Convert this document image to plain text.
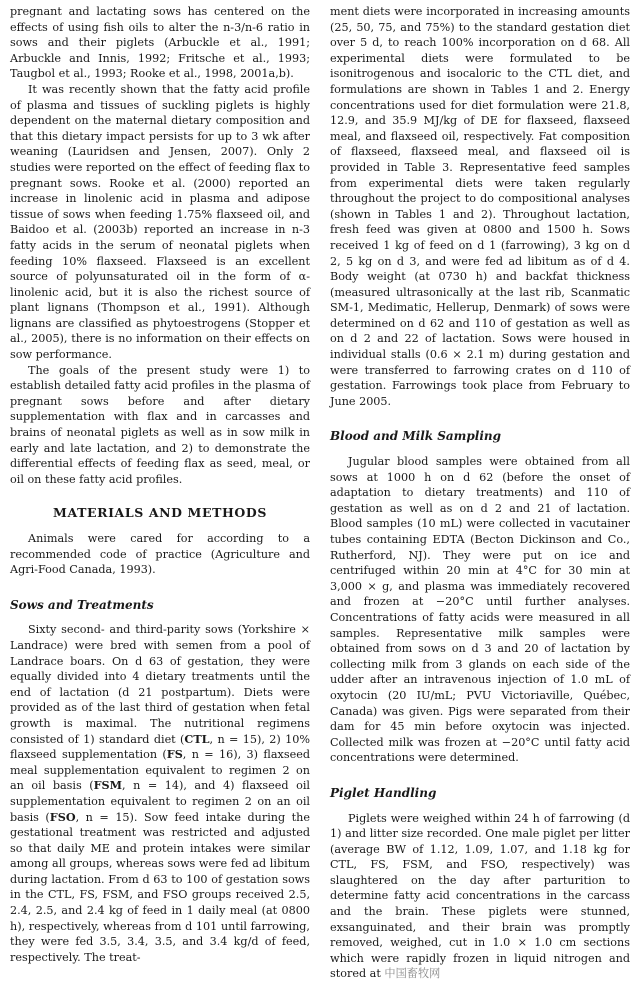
pregnant and lactating sows has centered on the effects of using fish oils to alter the n-3/n-6 ratio in sows and their piglets (Arbuckle et al., 1991; Arbuckle and Innis, 1992; Fritsche et al., 1993; Taugbol et al., 1993; Rooke et al., 1998, 2001a,b).

It was recently shown that the fatty acid profile of plasma and tissues of suckling piglets is highly dependent on the maternal dietary composition and that this dietary impact persists for up to 3 wk after weaning (Lauridsen and Jensen, 2007). Only 2 studies were reported on the effect of feeding flax to pregnant sows. Rooke et al. (2000) reported an increase in linolenic acid in plasma and adipose tissue of sows when feeding 1.75% flaxseed oil, and Baidoo et al. (2003b) reported an increase in n-3 fatty acids in the serum of neonatal piglets when feeding 10% flaxseed. Flaxseed is an excellent source of polyunsaturated oil in the form of α-linolenic acid, but it is also the richest source of plant lignans (Thompson et al., 1991). Although lignans are classified as phytoestrogens (Stopper et al., 2005), there is no information on their effects on sow performance.

The goals of the present study were 1) to establish detailed fatty acid profiles in the plasma of pregnant sows before and after dietary supplementation with flax and in carcasses and brains of neonatal piglets as well as in sow milk in early and late lactation, and 2) to demonstrate the differential effects of feeding flax as seed, meal, or oil on these fatty acid profiles.

MATERIALS AND METHODS

Animals were cared for according to a recommended code of practice (Agriculture and Agri-Food Canada, 1993).

Sows and Treatments

Sixty second- and third-parity sows (Yorkshire × Landrace) were bred with semen from a pool of Landrace boars. On d 63 of gestation, they were equally divided into 4 dietary treatments until the end of lactation (d 21 postpartum). Diets were provided as of the last third of gestation when fetal growth is maximal. The nutritional regimens consisted of 1) standard diet (CTL, n = 15), 2) 10% flaxseed supplementation (FS, n = 16), 3) flaxseed meal supplementation equivalent to regimen 2 on an oil basis (FSM, n = 14), and 4) flaxseed oil supplementation equivalent to regimen 2 on an oil basis (FSO, n = 15). Sow feed intake during the gestational treatment was restricted and adjusted so that daily ME and protein intakes were similar among all groups, whereas sows were fed ad libitum during lactation. From d 63 to 100 of gestation sows in the CTL, FS, FSM, and FSO groups received 2.5, 2.4, 2.5, and 2.4 kg of feed in 1 daily meal (at 0800 h), respectively, whereas from d 101 until farrowing, they were fed 3.5, 3.4, 3.5, and 3.4 kg/d of feed, respectively. The treat-

ment diets were incorporated in increasing amounts (25, 50, 75, and 75%) to the standard gestation diet over 5 d, to reach 100% incorporation on d 68. All experimental diets were formulated to be isonitrogenous and isocaloric to the CTL diet, and formulations are shown in Tables 1 and 2. Energy concentrations used for diet formulation were 21.8, 12.9, and 35.9 MJ/kg of DE for flaxseed, flaxseed meal, and flaxseed oil, respectively. Fat composition of flaxseed, flaxseed meal, and flaxseed oil is provided in Table 3. Representative feed samples from experimental diets were taken regularly throughout the project to do compositional analyses (shown in Tables 1 and 2). Throughout lactation, fresh feed was given at 0800 and 1500 h. Sows received 1 kg of feed on d 1 (farrowing), 3 kg on d 2, 5 kg on d 3, and were fed ad libitum as of d 4. Body weight (at 0730 h) and backfat thickness (measured ultrasonically at the last rib, Scanmatic SM-1, Medimatic, Hellerup, Denmark) of sows were determined on d 62 and 110 of gestation as well as on d 2 and 22 of lactation. Sows were housed in individual stalls (0.6 × 2.1 m) during gestation and were transferred to farrowing crates on d 110 of gestation. Farrowings took place from February to June 2005.

Blood and Milk Sampling

Jugular blood samples were obtained from all sows at 1000 h on d 62 (before the onset of adaptation to dietary treatments) and 110 of gestation as well as on d 2 and 21 of lactation. Blood samples (10 mL) were collected in vacutainer tubes containing EDTA (Becton Dickinson and Co., Rutherford, NJ). They were put on ice and centrifuged within 20 min at 4°C for 30 min at 3,000 × g, and plasma was immediately recovered and frozen at −20°C until further analyses. Concentrations of fatty acids were measured in all samples. Representative milk samples were obtained from sows on d 3 and 20 of lactation by collecting milk from 3 glands on each side of the udder after an intravenous injection of 1.0 mL of oxytocin (20 IU/mL; PVU Victoriaville, Québec, Canada) was given. Pigs were separated from their dam for 45 min before oxytocin was injected. Collected milk was frozen at −20°C until fatty acid concentrations were determined.

Piglet Handling

Piglets were weighed within 24 h of farrowing (d 1) and litter size recorded. One male piglet per litter (average BW of 1.12, 1.09, 1.07, and 1.18 kg for CTL, FS, FSM, and FSO, respectively) was slaughtered on the day after parturition to determine fatty acid concentrations in the carcass and the brain. These piglets were stunned, exsanguinated, and their brain was promptly removed, weighed, cut in 1.0 × 1.0 cm sections which were rapidly frozen in liquid nitrogen and stored at 中国畜牧网
